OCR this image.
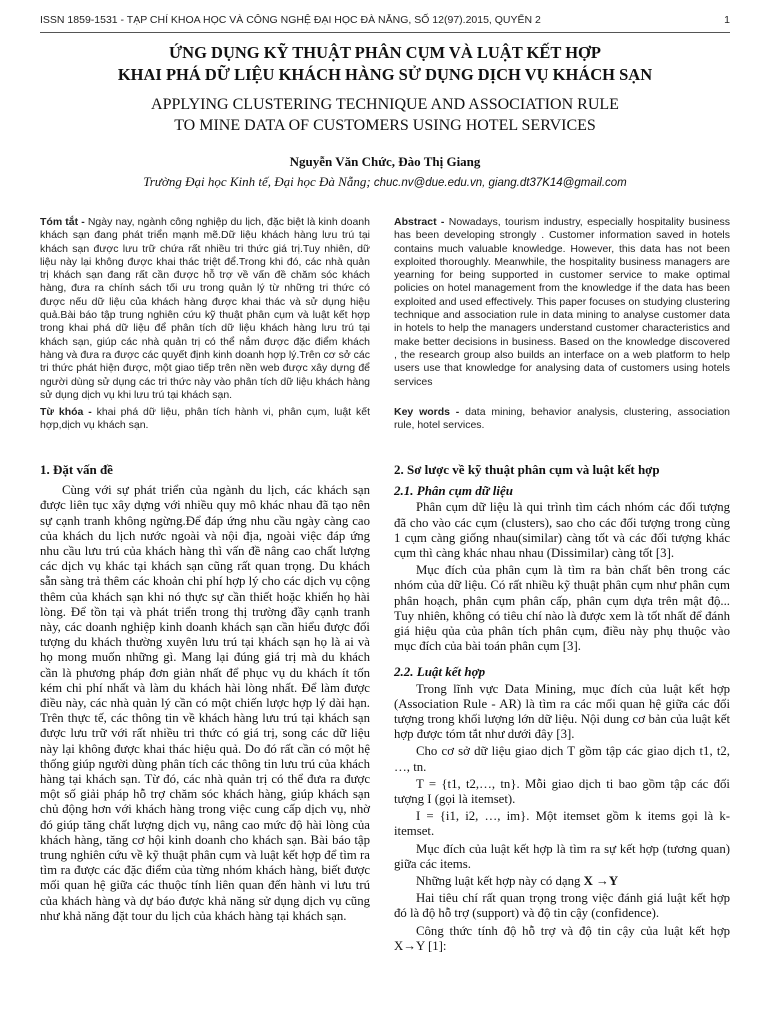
ISSN 1859-1531 - TẠP CHÍ KHOA HỌC VÀ CÔNG NGHỆ ĐẠI HỌC ĐÀ NẴNG, SỐ 12(97).2015, QUYỂN 2	1
ỨNG DỤNG KỸ THUẬT PHÂN CỤM VÀ LUẬT KẾT HỢP
KHAI PHÁ DỮ LIỆU KHÁCH HÀNG SỬ DỤNG DỊCH VỤ KHÁCH SẠN
APPLYING CLUSTERING TECHNIQUE AND ASSOCIATION RULE
TO MINE DATA OF CUSTOMERS USING HOTEL SERVICES
Nguyễn Văn Chức, Đào Thị Giang
Trường Đại học Kinh tế, Đại học Đà Nẵng; chuc.nv@due.edu.vn, giang.dt37K14@gmail.com
Tóm tắt - Ngày nay, ngành công nghiệp du lịch, đặc biệt là kinh doanh khách sạn đang phát triển mạnh mẽ.Dữ liệu khách hàng lưu trú tại khách sạn được lưu trữ chứa rất nhiều tri thức giá trị.Tuy nhiên, dữ liệu này lại không được khai thác triệt để.Trong khi đó, các nhà quản trị khách sạn đang rất cần được hỗ trợ về vấn đề chăm sóc khách hàng, đưa ra chính sách tối ưu trong quản lý từ những tri thức có được nếu dữ liệu của khách hàng được khai thác và sử dụng hiệu quả.Bài báo tập trung nghiên cứu kỹ thuật phân cụm và luật kết hợp trong khai phá dữ liệu để phân tích dữ liệu khách hàng lưu trú tại khách sạn, giúp các nhà quản trị có thể nắm được đặc điểm khách hàng và đưa ra được các quyết định kinh doanh hợp lý.Trên cơ sở các tri thức phát hiện được, một giao tiếp trên nền web được xây dựng để người dùng sử dụng các tri thức này vào phân tích dữ liệu khách hàng sử dụng dịch vụ khi lưu trú tại khách sạn.
Abstract - Nowadays, tourism industry, especially hospitality business has been developing strongly . Customer information saved in hotels contains much valuable knowledge. However, this data has not been exploited thoroughly. Meanwhile, the hospitality business managers are yearning for being supported in customer service to make optimal policies on hotel management from the knowledge if the data has been exploited and used effectively. This paper focuses on studying clustering technique and association rule in data mining to analyse customer data in hotels to help the managers understand customer characteristics and make better decisions in business. Based on the knowledge discovered , the research group also builds an interface on a web platform to help users use that knowledge for analysing data of customers using hotels services
Từ khóa - khai phá dữ liệu, phân tích hành vi, phân cụm, luật kết hợp,dịch vụ khách sạn.
Key words - data mining, behavior analysis, clustering, association rule, hotel services.
1. Đặt vấn đề

Cùng với sự phát triển của ngành du lịch, các khách sạn được liên tục xây dựng với nhiều quy mô khác nhau đã tạo nên sự cạnh tranh không ngừng.Để đáp ứng nhu cầu ngày càng cao của khách du lịch nước ngoài và nội địa, ngoài việc đáp ứng nhu cầu lưu trú của khách hàng thì vấn đề nâng cao chất lượng các dịch vụ khác tại khách sạn cũng rất quan trọng. Du khách sẵn sàng trả thêm các khoản chi phí hợp lý cho các dịch vụ cộng thêm của khách sạn khi nó thực sự cần thiết hoặc khiến họ hài lòng. Để tồn tại và phát triển trong thị trường đầy cạnh tranh này, các doanh nghiệp kinh doanh khách sạn cần hiểu được đối tượng du khách thường xuyên lưu trú tại khách sạn họ là ai và họ mong muốn những gì. Mang lại đúng giá trị mà du khách cần là phương pháp đơn giản nhất để phục vụ du khách ít tốn kém chi phí nhất và làm du khách hài lòng nhất. Để làm được điều này, các nhà quản lý cần có một chiến lược hợp lý dài hạn. Trên thực tế, các thông tin về khách hàng lưu trú tại khách sạn được lưu trữ với rất nhiều tri thức có giá trị, song các dữ liệu này lại không được khai thác hiệu quả. Do đó rất cần có một hệ thống giúp người dùng phân tích các thông tin lưu trú của khách hàng tại khách sạn. Từ đó, các nhà quản trị có thể đưa ra được một số giải pháp hỗ trợ chăm sóc khách hàng, giúp khách sạn chủ động hơn với khách hàng trong việc cung cấp dịch vụ, nhờ đó giúp tăng chất lượng dịch vụ, nâng cao mức độ hài lòng của khách hàng, tăng cơ hội kinh doanh cho khách sạn. Bài báo tập trung nghiên cứu về kỹ thuật phân cụm và luật kết hợp để tìm ra tìm ra được các đặc điểm của từng nhóm khách hàng, biết được mối quan hệ giữa các thuộc tính liên quan đến hành vi lưu trú của khách hàng và dự báo được khả năng sử dụng dịch vụ cũng như khả năng đặt tour du lịch của khách hàng tại khách sạn.

2. Sơ lược về kỹ thuật phân cụm và luật kết hợp
2.1. Phân cụm dữ liệu

Phân cụm dữ liệu là qui trình tìm cách nhóm các đối tượng đã cho vào các cụm (clusters), sao cho các đối tượng trong cùng 1 cụm càng giống nhau(similar) càng tốt và các đối tượng khác cụm thì càng khác nhau nhau (Dissimilar) càng tốt [3].

Mục đích của phân cụm là tìm ra bản chất bên trong các nhóm của dữ liệu. Có rất nhiều kỹ thuật phân cụm như phân cụm phân hoạch, phân cụm phân cấp, phân cụm dựa trên mật độ... Tuy nhiên, không có tiêu chí nào là được xem là tốt nhất để đánh giá hiệu qủa của phân tích phân cụm, điều này phụ thuộc vào mục đích của bài toán phân cụm [3].

2.2. Luật kết hợp

Trong lĩnh vực Data Mining, mục đích của luật kết hợp (Association Rule - AR) là tìm ra các mối quan hệ giữa các đối tượng trong khối lượng lớn dữ liệu. Nội dung cơ bản của luật kết hợp được tóm tắt như dưới đây [3].

Cho cơ sở dữ liệu giao dịch T gồm tập các giao dịch t1, t2, …, tn.

T = {t1, t2,…, tn}. Mỗi giao dịch ti bao gồm tập các đối tượng I (gọi là itemset).

I = {i1, i2, …, im}. Một itemset gồm k items gọi là k-itemset.

Mục đích của luật kết hợp là tìm ra sự kết hợp (tương quan) giữa các items.

Những luật kết hợp này có dạng X →Y

Hai tiêu chí rất quan trọng trong việc đánh giá luật kết hợp đó là độ hỗ trợ (support) và độ tin cậy (confidence).

Công thức tính độ hỗ trợ và độ tin cậy của luật kết hợp X→Y [1]:
